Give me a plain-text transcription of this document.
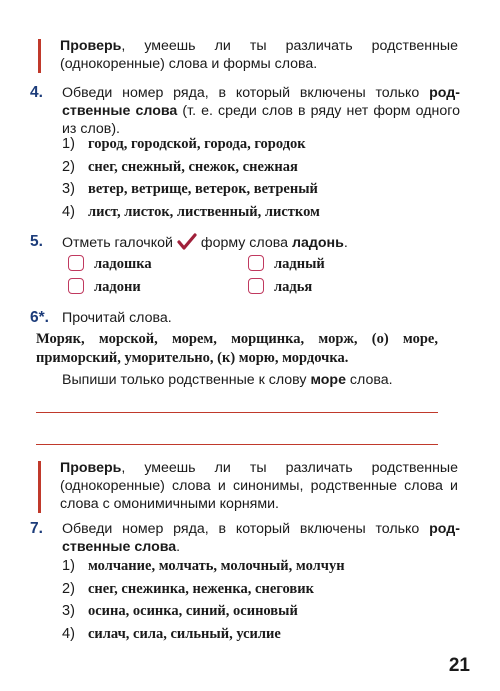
Проверь, умеешь ли ты различать родственные (однокоренные) слова и формы слова.
4. Обведи номер ряда, в который включены только родственные слова (т. е. среди слов в ряду нет форм одного из слов).
1) город, городской, города, городок
2) снег, снежный, снежок, снежная
3) ветер, ветрище, ветерок, ветреный
4) лист, листок, лиственный, листком
5. Отметь галочкой форму слова ладонь.
ладошка	ладный
ладони	ладья
6*. Прочитай слова.
Моряк, морской, морем, морщинка, морж, (о) море, приморский, уморительно, (к) морю, мордочка.
Выпиши только родственные к слову море слова.
Проверь, умеешь ли ты различать родственные (однокоренные) слова и синонимы, родственные слова и слова с омонимичными корнями.
7. Обведи номер ряда, в который включены только родственные слова.
1) молчание, молчать, молочный, молчун
2) снег, снежинка, неженка, снеговик
3) осина, осинка, синий, осиновый
4) силач, сила, сильный, усилие
21
